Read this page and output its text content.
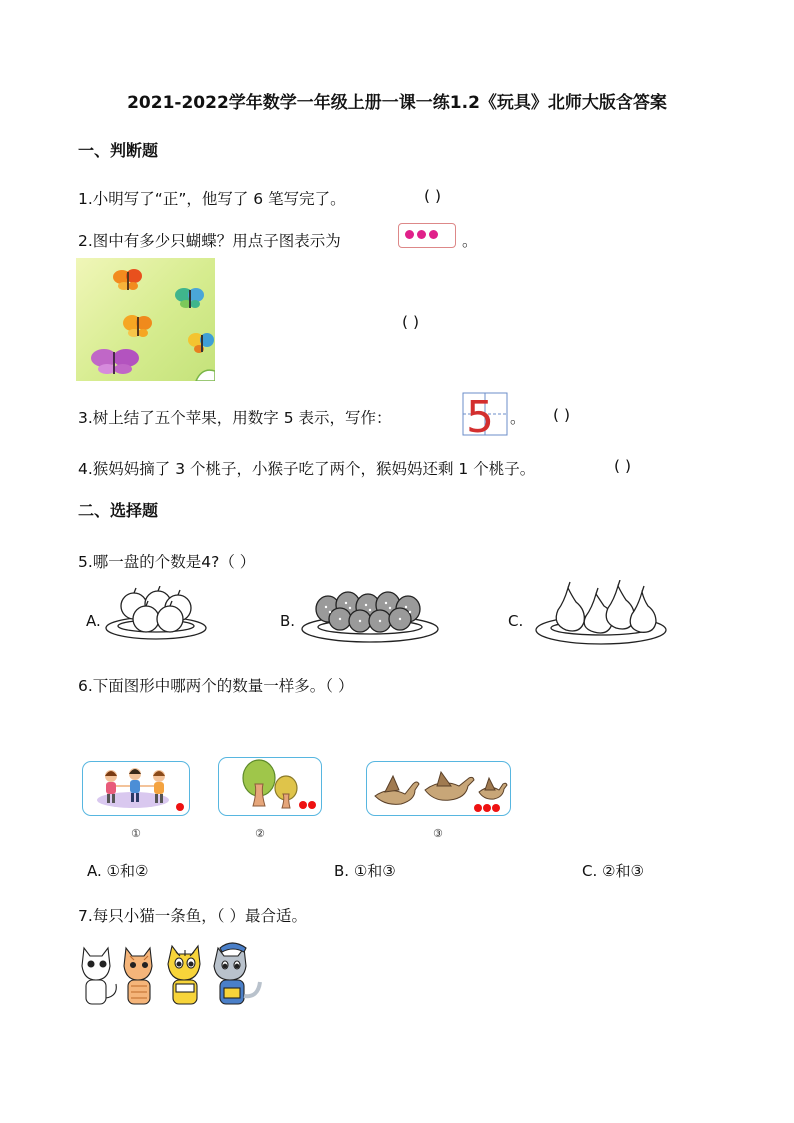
2021-2022学年数学一年级上册一课一练1.2《玩具》北师大版含答案
一、判断题
1.小明写了“正”，他写了 6 笔写完了。	( )
2.图中有多少只蝴蝶？用点子图表示为	。
( )
3.树上结了五个苹果，用数字 5 表示，写作： 5 。 ( )
4.猴妈妈摘了 3 个桃子，小猴子吃了两个，猴妈妈还剩 1 个桃子。	( )
二、选择题
5.哪一盘的个数是4?（ ）
A.	B.	C.
6.下面图形中哪两个的数量一样多。（ ）
①	②	③
A. ①和②	B. ①和③	C. ②和③
7.每只小猫一条鱼，（ ）最合适。
